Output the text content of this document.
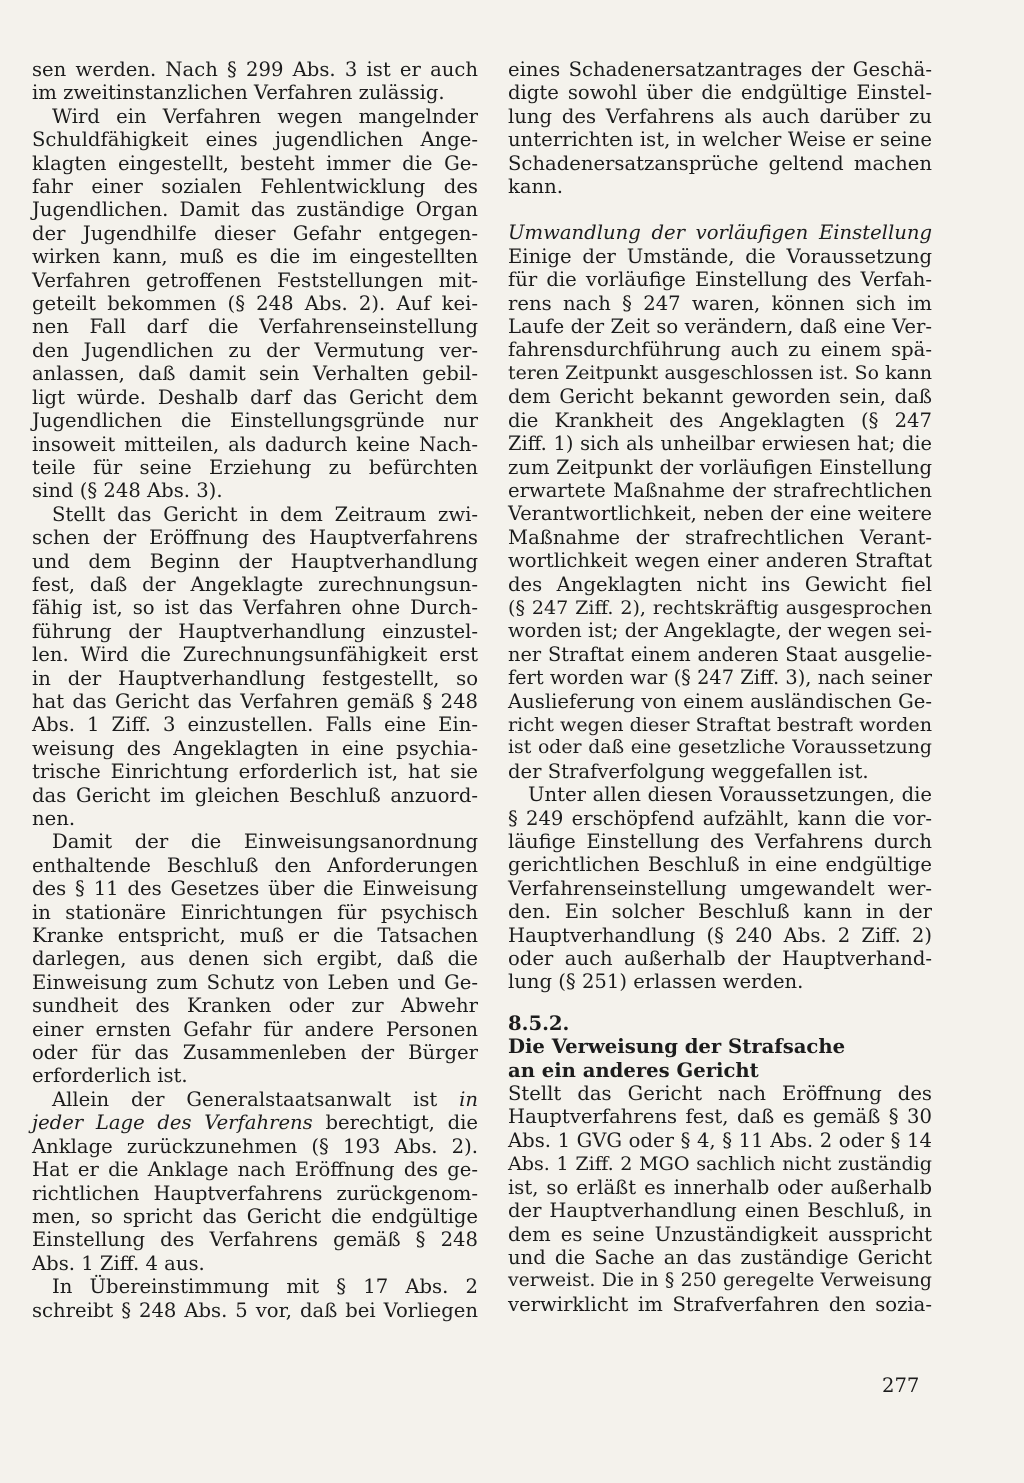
sen werden. Nach § 299 Abs. 3 ist er auch
im zweitinstanzlichen Verfahren zulässig.
Wird ein Verfahren wegen mangelnder
Schuldfähigkeit eines jugendlichen Ange-
klagten eingestellt, besteht immer die Ge-
fahr einer sozialen Fehlentwicklung des
Jugendlichen. Damit das zuständige Organ
der Jugendhilfe dieser Gefahr entgegen-
wirken kann, muß es die im eingestellten
Verfahren getroffenen Feststellungen mit-
geteilt bekommen (§ 248 Abs. 2). Auf kei-
nen Fall darf die Verfahrenseinstellung
den Jugendlichen zu der Vermutung ver-
anlassen, daß damit sein Verhalten gebil-
ligt würde. Deshalb darf das Gericht dem
Jugendlichen die Einstellungsgründe nur
insoweit mitteilen, als dadurch keine Nach-
teile für seine Erziehung zu befürchten
sind (§ 248 Abs. 3).
Stellt das Gericht in dem Zeitraum zwi-
schen der Eröffnung des Hauptverfahrens
und dem Beginn der Hauptverhandlung
fest, daß der Angeklagte zurechnungsun-
fähig ist, so ist das Verfahren ohne Durch-
führung der Hauptverhandlung einzustel-
len. Wird die Zurechnungsunfähigkeit erst
in der Hauptverhandlung festgestellt, so
hat das Gericht das Verfahren gemäß § 248
Abs. 1 Ziff. 3 einzustellen. Falls eine Ein-
weisung des Angeklagten in eine psychia-
trische Einrichtung erforderlich ist, hat sie
das Gericht im gleichen Beschluß anzuord-
nen.
Damit der die Einweisungsanordnung
enthaltende Beschluß den Anforderungen
des § 11 des Gesetzes über die Einweisung
in stationäre Einrichtungen für psychisch
Kranke entspricht, muß er die Tatsachen
darlegen, aus denen sich ergibt, daß die
Einweisung zum Schutz von Leben und Ge-
sundheit des Kranken oder zur Abwehr
einer ernsten Gefahr für andere Personen
oder für das Zusammenleben der Bürger
erforderlich ist.
Allein der Generalstaatsanwalt ist in
jeder Lage des Verfahrens berechtigt, die
Anklage zurückzunehmen (§ 193 Abs. 2).
Hat er die Anklage nach Eröffnung des ge-
richtlichen Hauptverfahrens zurückgenom-
men, so spricht das Gericht die endgültige
Einstellung des Verfahrens gemäß § 248
Abs. 1 Ziff. 4 aus.
In Übereinstimmung mit § 17 Abs. 2
schreibt § 248 Abs. 5 vor, daß bei Vorliegen
eines Schadenersatzantrages der Geschä-
digte sowohl über die endgültige Einstel-
lung des Verfahrens als auch darüber zu
unterrichten ist, in welcher Weise er seine
Schadenersatzansprüche geltend machen
kann.
Umwandlung der vorläufigen Einstellung
Einige der Umstände, die Voraussetzung
für die vorläufige Einstellung des Verfah-
rens nach § 247 waren, können sich im
Laufe der Zeit so verändern, daß eine Ver-
fahrensdurchführung auch zu einem spä-
teren Zeitpunkt ausgeschlossen ist. So kann
dem Gericht bekannt geworden sein, daß
die Krankheit des Angeklagten (§ 247
Ziff. 1) sich als unheilbar erwiesen hat; die
zum Zeitpunkt der vorläufigen Einstellung
erwartete Maßnahme der strafrechtlichen
Verantwortlichkeit, neben der eine weitere
Maßnahme der strafrechtlichen Verant-
wortlichkeit wegen einer anderen Straftat
des Angeklagten nicht ins Gewicht fiel
(§ 247 Ziff. 2), rechtskräftig ausgesprochen
worden ist; der Angeklagte, der wegen sei-
ner Straftat einem anderen Staat ausgelie-
fert worden war (§ 247 Ziff. 3), nach seiner
Auslieferung von einem ausländischen Ge-
richt wegen dieser Straftat bestraft worden
ist oder daß eine gesetzliche Voraussetzung
der Strafverfolgung weggefallen ist.
Unter allen diesen Voraussetzungen, die
§ 249 erschöpfend aufzählt, kann die vor-
läufige Einstellung des Verfahrens durch
gerichtlichen Beschluß in eine endgültige
Verfahrenseinstellung umgewandelt wer-
den. Ein solcher Beschluß kann in der
Hauptverhandlung (§ 240 Abs. 2 Ziff. 2)
oder auch außerhalb der Hauptverhand-
lung (§ 251) erlassen werden.
8.5.2.
Die Verweisung der Strafsache
an ein anderes Gericht
Stellt das Gericht nach Eröffnung des
Hauptverfahrens fest, daß es gemäß § 30
Abs. 1 GVG oder § 4, § 11 Abs. 2 oder § 14
Abs. 1 Ziff. 2 MGO sachlich nicht zuständig
ist, so erläßt es innerhalb oder außerhalb
der Hauptverhandlung einen Beschluß, in
dem es seine Unzuständigkeit ausspricht
und die Sache an das zuständige Gericht
verweist. Die in § 250 geregelte Verweisung
verwirklicht im Strafverfahren den sozia-
277
